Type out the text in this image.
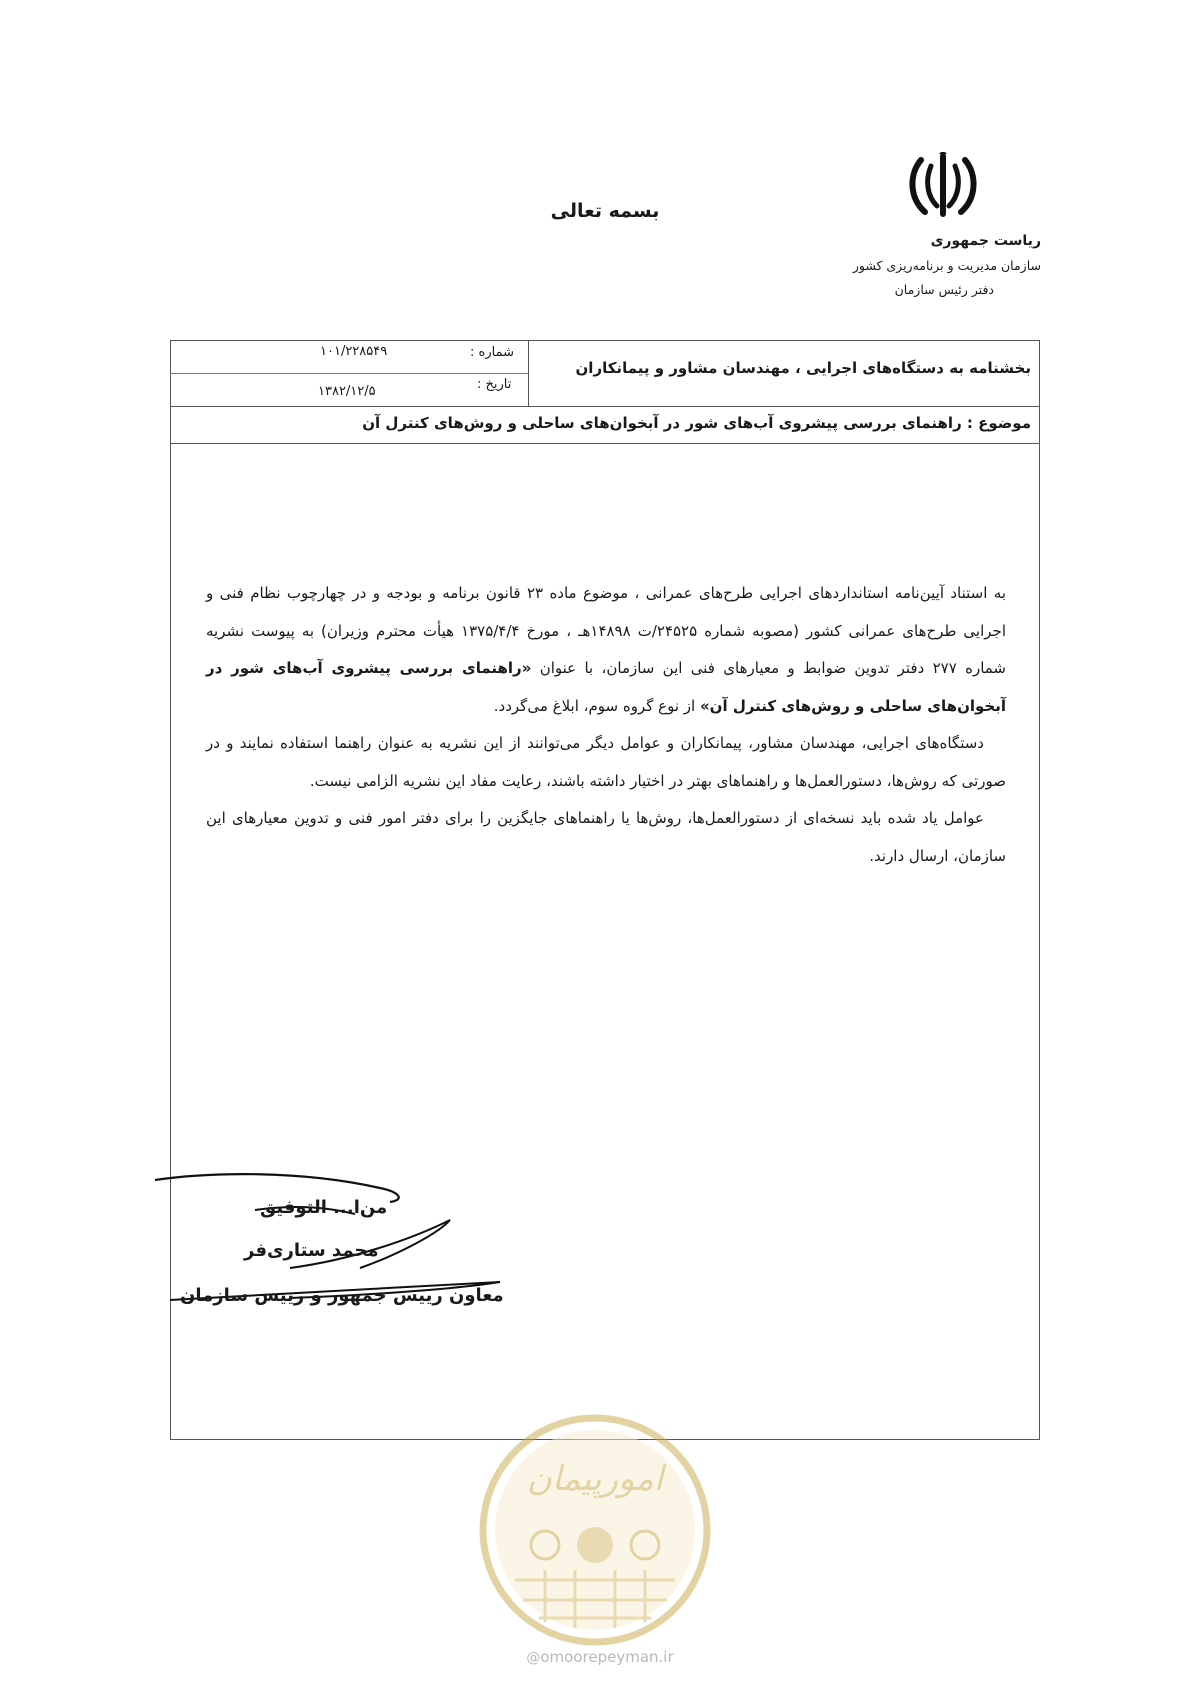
بسمه تعالی
ریاست جمهوری
سازمان مدیریت و برنامه‌ریزی کشور
دفتر رئیس سازمان
بخشنامه به دستگاه‌های اجرایی ، مهندسان مشاور و پیمانکاران
شماره :
۱۰۱/۲۲۸۵۴۹
تاریخ :
۱۳۸۲/۱۲/۵
موضوع : راهنمای بررسی پیشروی آب‌های شور در آبخوان‌های ساحلی و روش‌های کنترل آن

به استناد آیین‌نامه استانداردهای اجرایی طرح‌های عمرانی ، موضوع ماده ۲۳ قانون برنامه و بودجه و در چهارچوب نظام فنی و اجرایی طرح‌های عمرانی کشور (مصوبه شماره ۲۴۵۲۵/ت ۱۴۸۹۸هـ ، مورخ ۱۳۷۵/۴/۴ هیأت محترم وزیران) به پیوست نشریه شماره ۲۷۷ دفتر تدوین ضوابط و معیارهای فنی این سازمان، با عنوان «راهنمای بررسی پیشروی آب‌های شور در آبخوان‌های ساحلی و روش‌های کنترل آن» از نوع گروه سوم، ابلاغ می‌گردد.

دستگاه‌های اجرایی، مهندسان مشاور، پیمانکاران و عوامل دیگر می‌توانند از این نشریه به عنوان راهنما استفاده نمایند و در صورتی که روش‌ها، دستورالعمل‌ها و راهنماهای بهتر در اختیار داشته باشند، رعایت مفاد این نشریه الزامی نیست.

عوامل یاد شده باید نسخه‌ای از دستورالعمل‌ها، روش‌ها یا راهنماهای جایگزین را برای دفتر امور فنی و تدوین معیارهای این سازمان، ارسال دارند.

من‌ا... التوفیق
محمد ستاری‌فر
معاون رییس جمهور و رییس سازمان
امورپیمان
@omoorepeyman.ir
